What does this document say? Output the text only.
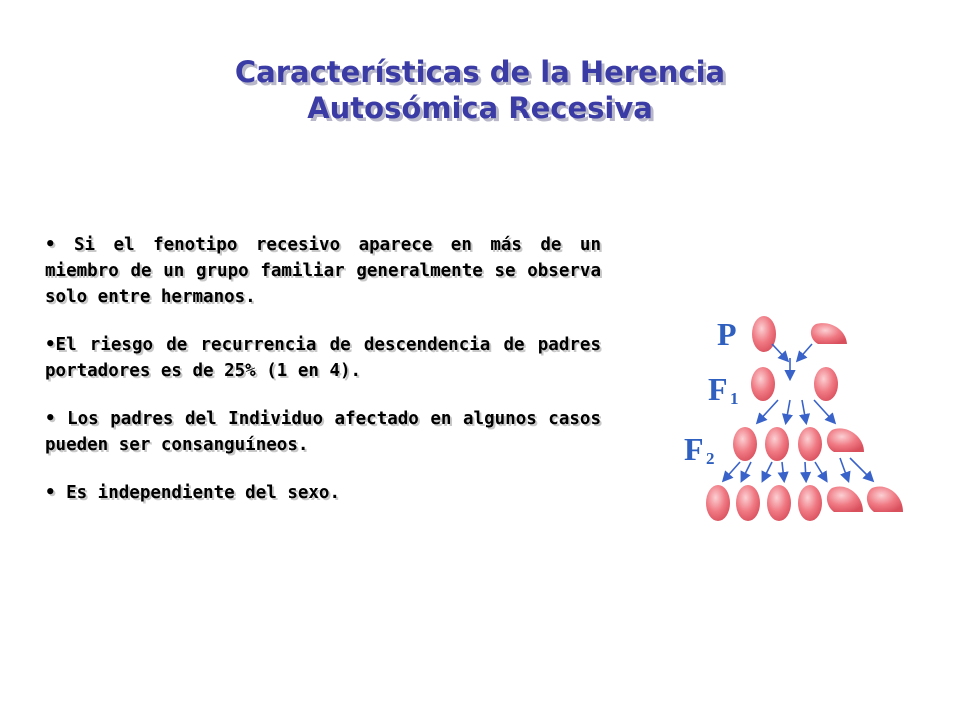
Características de la Herencia
Autosómica Recesiva

• Si el fenotipo recesivo aparece en más de un miembro de un grupo familiar generalmente se observa solo entre hermanos.

•El riesgo de recurrencia de descendencia de padres portadores es de 25% (1 en 4).

• Los padres del Individuo afectado en algunos casos pueden ser consanguíneos.

• Es independiente del sexo.

P
F 1
F 2
